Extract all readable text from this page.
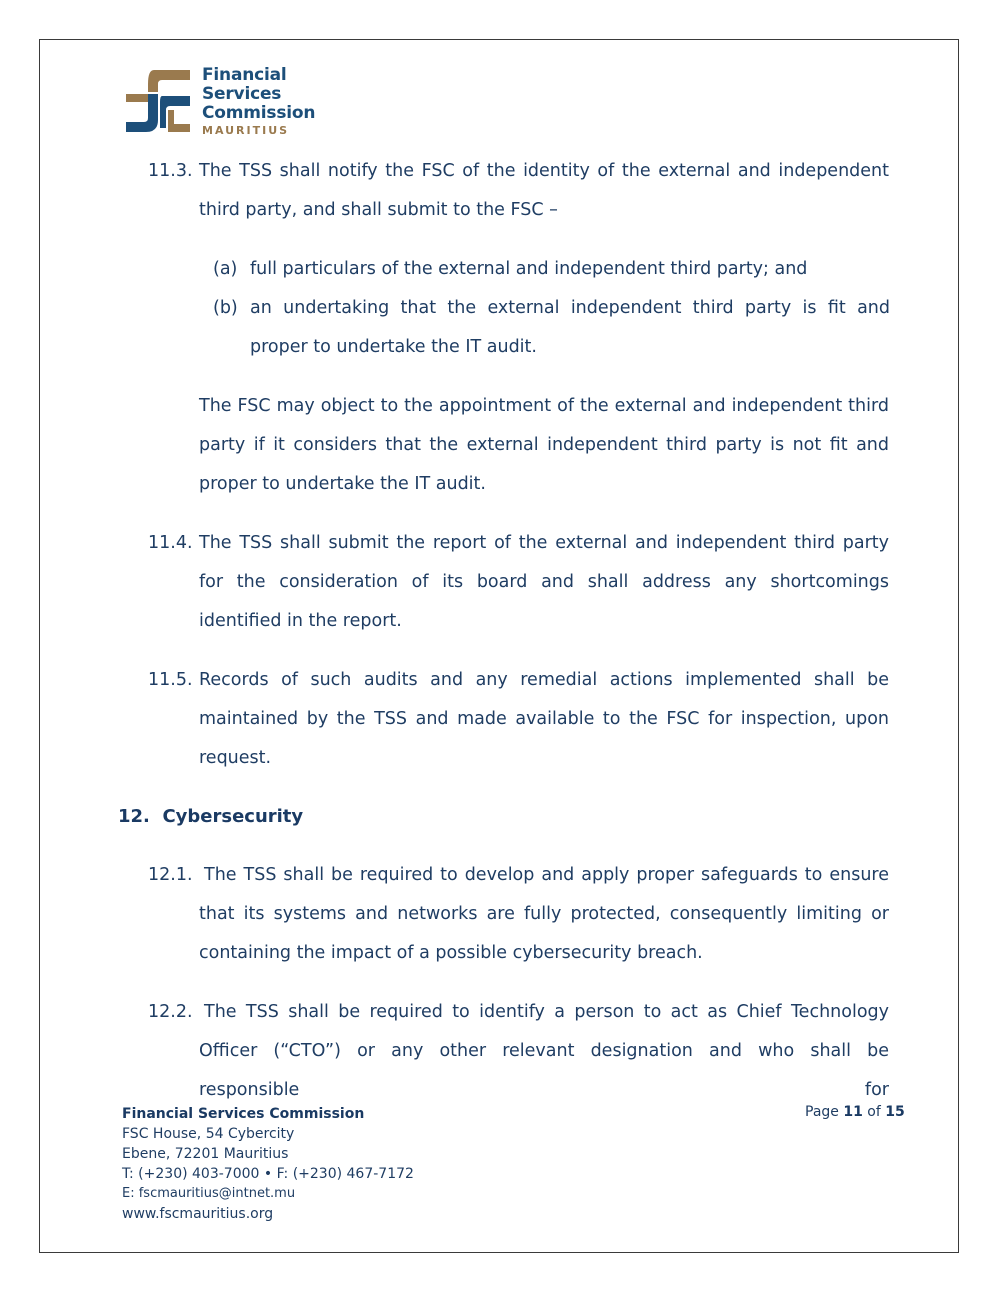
Financial
Services
Commission
MAURITIUS
11.3. The TSS shall notify the FSC of the identity of the external and independent third party, and shall submit to the FSC –
(a) full particulars of the external and independent third party; and
(b) an undertaking that the external independent third party is fit and proper to undertake the IT audit.
The FSC may object to the appointment of the external and independent third party if it considers that the external independent third party is not fit and proper to undertake the IT audit.
11.4. The TSS shall submit the report of the external and independent third party for the consideration of its board and shall address any shortcomings identified in the report.
11.5. Records of such audits and any remedial actions implemented shall be maintained by the TSS and made available to the FSC for inspection, upon request.
12.1. The TSS shall be required to develop and apply proper safeguards to ensure that its systems and networks are fully protected, consequently limiting or containing the impact of a possible cybersecurity breach.
12.2. The TSS shall be required to identify a person to act as Chief Technology Officer (“CTO”) or any other relevant designation and who shall be responsible for
12. Cybersecurity
Financial Services Commission
FSC House, 54 Cybercity
Ebene, 72201 Mauritius
T: (+230) 403-7000 • F: (+230) 467-7172
E: fscmauritius@intnet.mu
www.fscmauritius.org
Page 11 of 15
